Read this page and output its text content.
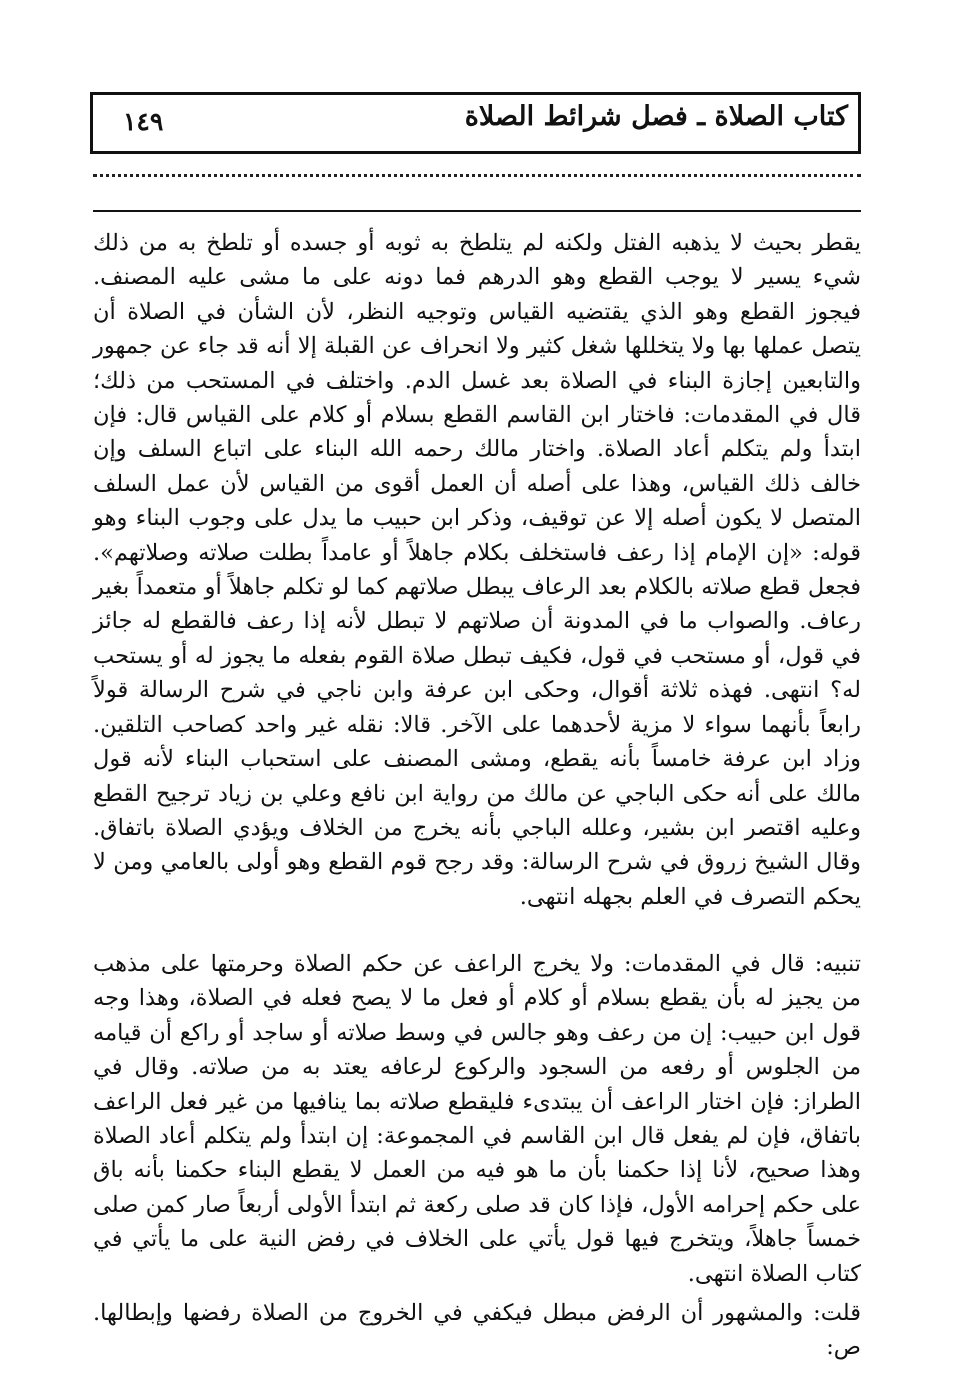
كتاب الصلاة ـ فصل شرائط الصلاة
١٤٩

يقطر بحيث لا يذهبه الفتل ولكنه لم يتلطخ به ثوبه أو جسده أو تلطخ به من ذلك شيء يسير لا يوجب القطع وهو الدرهم فما دونه على ما مشى عليه المصنف. فيجوز القطع وهو الذي يقتضيه القياس وتوجيه النظر، لأن الشأن في الصلاة أن يتصل عملها بها ولا يتخللها شغل كثير ولا انحراف عن القبلة إلا أنه قد جاء عن جمهور والتابعين إجازة البناء في الصلاة بعد غسل الدم. واختلف في المستحب من ذلك؛ قال في المقدمات: فاختار ابن القاسم القطع بسلام أو كلام على القياس قال: فإن ابتدأ ولم يتكلم أعاد الصلاة. واختار مالك رحمه الله البناء على اتباع السلف وإن خالف ذلك القياس، وهذا على أصله أن العمل أقوى من القياس لأن عمل السلف المتصل لا يكون أصله إلا عن توقيف، وذكر ابن حبيب ما يدل على وجوب البناء وهو قوله: «إن الإمام إذا رعف فاستخلف بكلام جاهلاً أو عامداً بطلت صلاته وصلاتهم». فجعل قطع صلاته بالكلام بعد الرعاف يبطل صلاتهم كما لو تكلم جاهلاً أو متعمداً بغير رعاف. والصواب ما في المدونة أن صلاتهم لا تبطل لأنه إذا رعف فالقطع له جائز في قول، أو مستحب في قول، فكيف تبطل صلاة القوم بفعله ما يجوز له أو يستحب له؟ انتهى. فهذه ثلاثة أقوال، وحكى ابن عرفة وابن ناجي في شرح الرسالة قولاً رابعاً بأنهما سواء لا مزية لأحدهما على الآخر. قالا: نقله غير واحد كصاحب التلقين. وزاد ابن عرفة خامساً بأنه يقطع، ومشى المصنف على استحباب البناء لأنه قول مالك على أنه حكى الباجي عن مالك من رواية ابن نافع وعلي بن زياد ترجيح القطع وعليه اقتصر ابن بشير، وعلله الباجي بأنه يخرج من الخلاف ويؤدي الصلاة باتفاق. وقال الشيخ زروق في شرح الرسالة: وقد رجح قوم القطع وهو أولى بالعامي ومن لا يحكم التصرف في العلم بجهله انتهى.

تنبيه: قال في المقدمات: ولا يخرج الراعف عن حكم الصلاة وحرمتها على مذهب من يجيز له بأن يقطع بسلام أو كلام أو فعل ما لا يصح فعله في الصلاة، وهذا وجه قول ابن حبيب: إن من رعف وهو جالس في وسط صلاته أو ساجد أو راكع أن قيامه من الجلوس أو رفعه من السجود والركوع لرعافه يعتد به من صلاته. وقال في الطراز: فإن اختار الراعف أن يبتدىء فليقطع صلاته بما ينافيها من غير فعل الراعف باتفاق، فإن لم يفعل قال ابن القاسم في المجموعة: إن ابتدأ ولم يتكلم أعاد الصلاة وهذا صحيح، لأنا إذا حكمنا بأن ما هو فيه من العمل لا يقطع البناء حكمنا بأنه باق على حكم إحرامه الأول، فإذا كان قد صلى ركعة ثم ابتدأ الأولى أربعاً صار كمن صلى خمساً جاهلاً، ويتخرج فيها قول يأتي على الخلاف في رفض النية على ما يأتي في كتاب الصلاة انتهى.

قلت: والمشهور أن الرفض مبطل فيكفي في الخروج من الصلاة رفضها وإبطالها. ص:
